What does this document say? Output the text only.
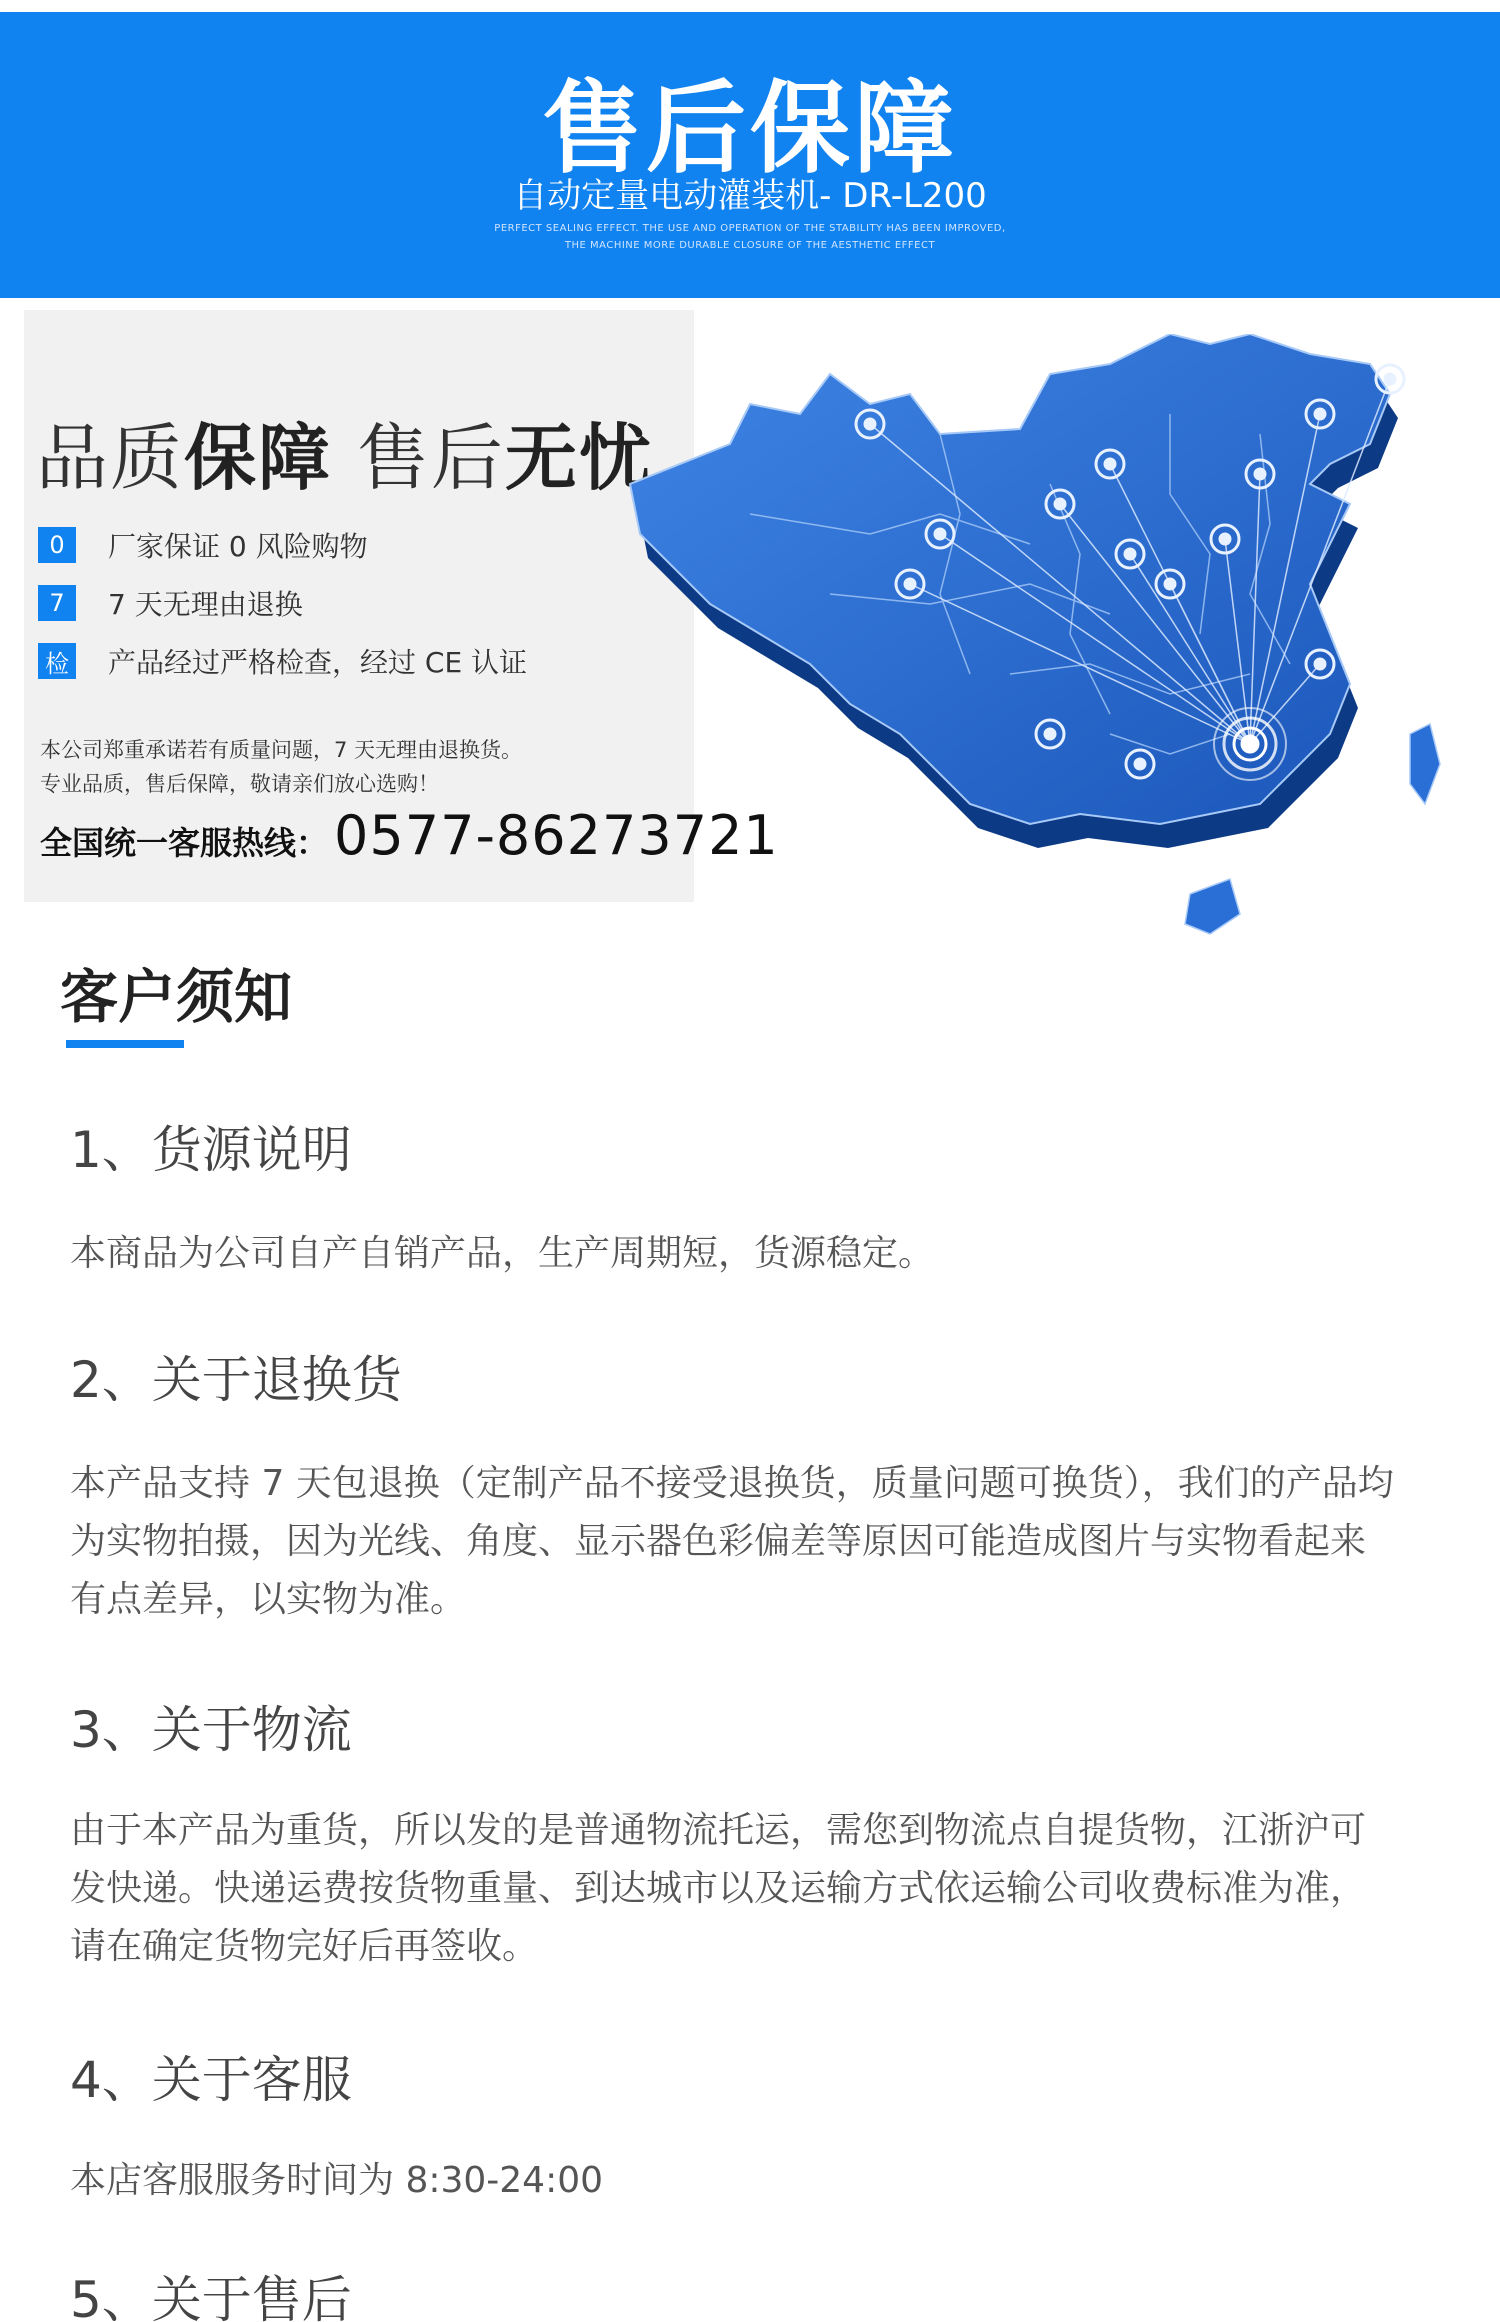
售后保障
自动定量电动灌装机- DR-L200
PERFECT SEALING EFFECT. THE USE AND OPERATION OF THE STABILITY HAS BEEN IMPROVED,
THE MACHINE MORE DURABLE CLOSURE OF THE AESTHETIC EFFECT
品质保障 售后无忧
0	厂家保证 0 风险购物
7	7 天无理由退换
检 产品经过严格检查，经过 CE 认证
本公司郑重承诺若有质量问题，7 天无理由退换货。
专业品质，售后保障，敬请亲们放心选购！
全国统一客服热线： 0577-86273721
客户须知
1、货源说明
本商品为公司自产自销产品，生产周期短，货源稳定。
2、关于退换货
本产品支持 7 天包退换（定制产品不接受退换货，质量问题可换货），我们的产品均为实物拍摄，因为光线、角度、显示器色彩偏差等原因可能造成图片与实物看起来有点差异，以实物为准。
3、关于物流
由于本产品为重货，所以发的是普通物流托运，需您到物流点自提货物，江浙沪可发快递。快递运费按货物重量、到达城市以及运输方式依运输公司收费标准为准，请在确定货物完好后再签收。
4、关于客服
本店客服服务时间为 8:30-24:00
5、关于售后
